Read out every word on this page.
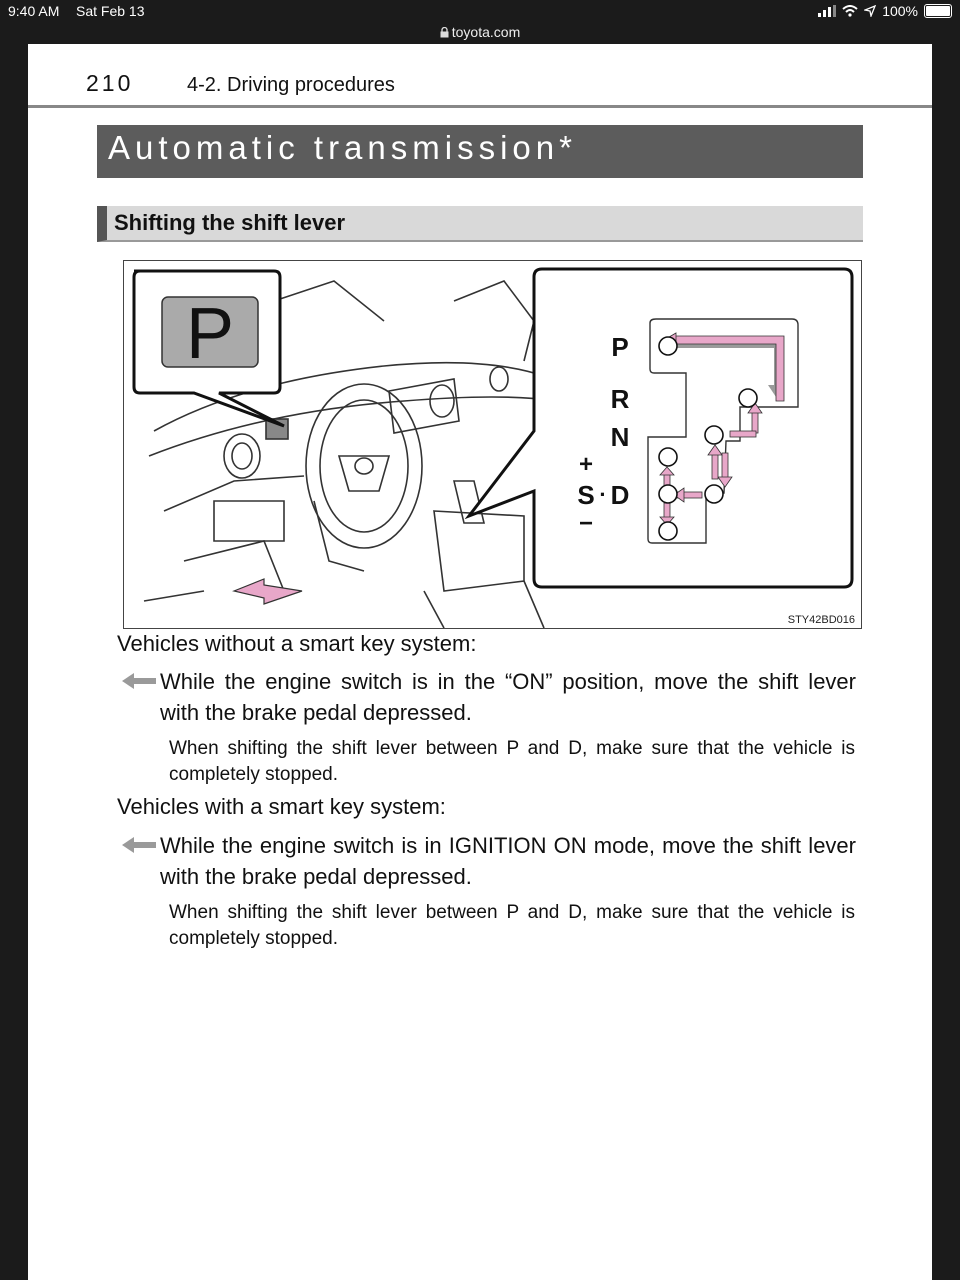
9:40 AM Sat Feb 13	100%
toyota.com
210	4-2. Driving procedures
Automatic transmission*
Shifting the shift lever
P	P
R
N
D
+
S ·
−
STY42BD016
Vehicles without a smart key system:
While the engine switch is in the “ON” position, move the shift lever with the brake pedal depressed.
When shifting the shift lever between P and D, make sure that the vehicle is completely stopped.
Vehicles with a smart key system:
While the engine switch is in IGNITION ON mode, move the shift lever with the brake pedal depressed.
When shifting the shift lever between P and D, make sure that the vehicle is completely stopped.
